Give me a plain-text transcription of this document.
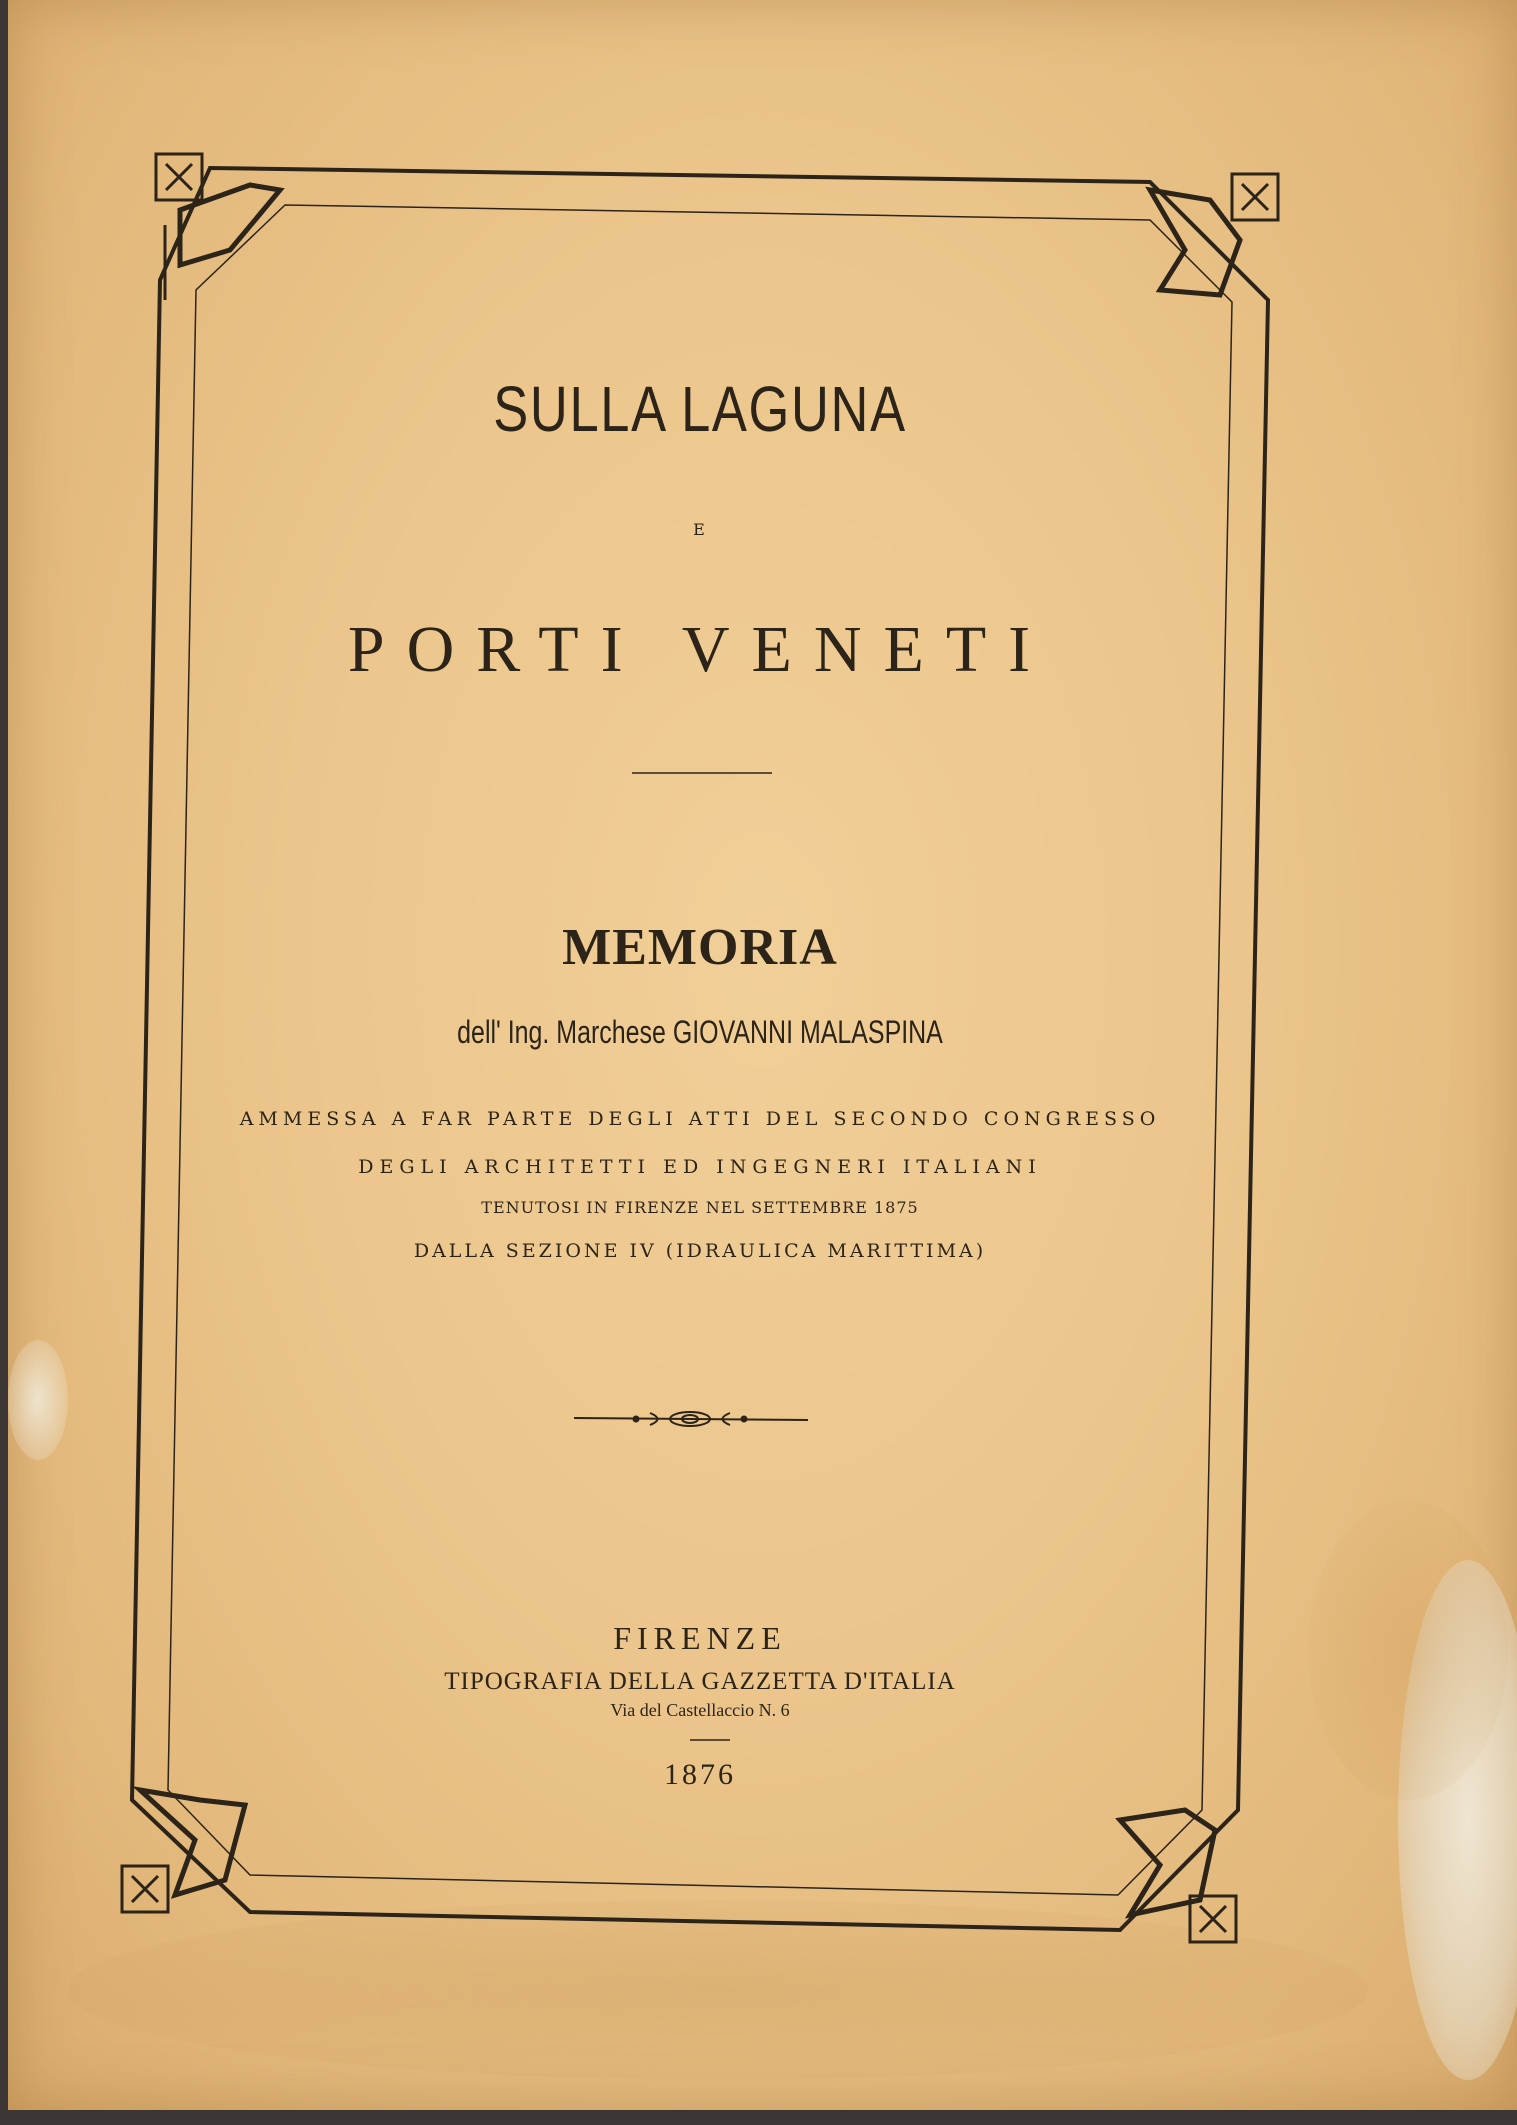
SULLA LAGUNA
E
PORTI VENETI
MEMORIA
dell' Ing. Marchese GIOVANNI MALASPINA
AMMESSA A FAR PARTE DEGLI ATTI DEL SECONDO CONGRESSO
DEGLI ARCHITETTI ED INGEGNERI ITALIANI
TENUTOSI IN FIRENZE NEL SETTEMBRE 1875
DALLA SEZIONE IV (IDRAULICA MARITTIMA)
FIRENZE
TIPOGRAFIA DELLA GAZZETTA D'ITALIA
Via del Castellaccio N. 6
1876
